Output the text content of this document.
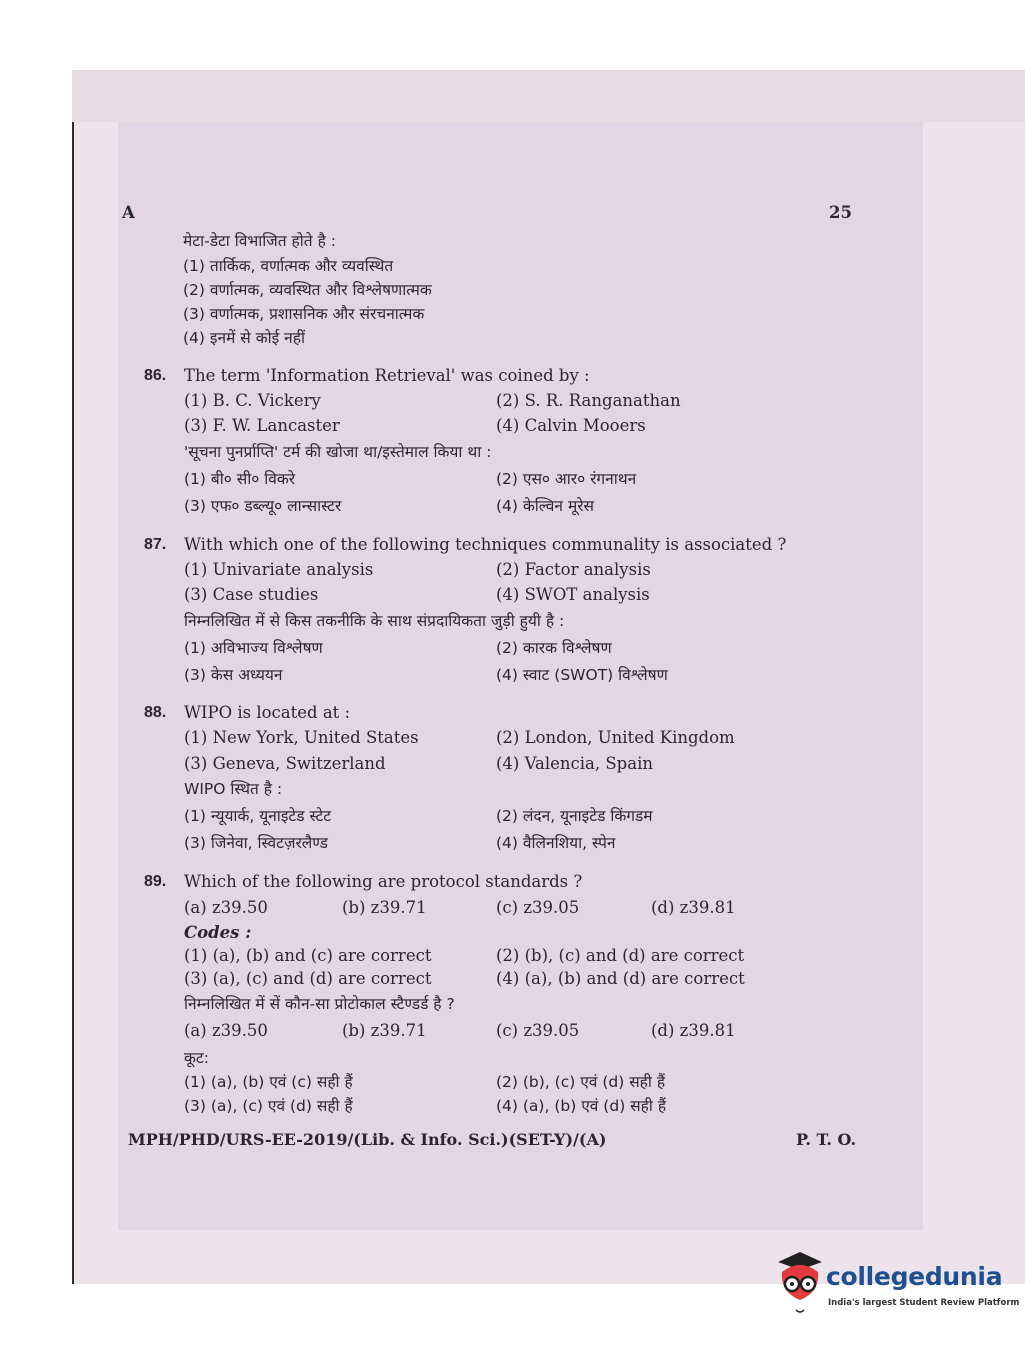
A	25
मेटा-डेटा विभाजित होते है :
(1) तार्किक, वर्णात्मक और व्यवस्थित
(2) वर्णात्मक, व्यवस्थित और विश्लेषणात्मक
(3) वर्णात्मक, प्रशासनिक और संरचनात्मक
(4) इनमें से कोई नहीं
86. The term 'Information Retrieval' was coined by :
(1) B. C. Vickery	(2) S. R. Ranganathan
(3) F. W. Lancaster	(4) Calvin Mooers
'सूचना पुनर्प्राप्ति' टर्म की खोजा था/इस्तेमाल किया था :
(1) बी० सी० विकरे	(2) एस० आर० रंगनाथन
(3) एफ० डब्ल्यू० लान्सास्टर	(4) केल्विन मूरेस
87. With which one of the following techniques communality is associated ?
(1) Univariate analysis	(2) Factor analysis
(3) Case studies	(4) SWOT analysis
निम्नलिखित में से किस तकनीकि के साथ संप्रदायिकता जुड़ी हुयी है :
(1) अविभाज्य विश्लेषण	(2) कारक विश्लेषण
(3) केस अध्ययन	(4) स्वाट (SWOT) विश्लेषण
88. WIPO is located at :
(1) New York, United States	(2) London, United Kingdom
(3) Geneva, Switzerland	(4) Valencia, Spain
WIPO स्थित है :
(1) न्यूयार्क, यूनाइटेड स्टेट	(2) लंदन, यूनाइटेड किंगडम
(3) जिनेवा, स्विटज़रलैण्ड	(4) वैलिनशिया, स्पेन
89. Which of the following are protocol standards ?
(a) z39.50	(b) z39.71	(c) z39.05	(d) z39.81
Codes :
(1) (a), (b) and (c) are correct	(2) (b), (c) and (d) are correct
(3) (a), (c) and (d) are correct	(4) (a), (b) and (d) are correct
निम्नलिखित में सें कौन-सा प्रोटोकाल स्टैण्डर्ड है ?
(a) z39.50	(b) z39.71	(c) z39.05	(d) z39.81
कूट:
(1) (a), (b) एवं (c) सही हैं	(2) (b), (c) एवं (d) सही हैं
(3) (a), (c) एवं (d) सही हैं	(4) (a), (b) एवं (d) सही हैं
MPH/PHD/URS-EE-2019/(Lib. & Info. Sci.)(SET-Y)/(A)	P. T. O.
collegedunia
India's largest Student Review Platform
